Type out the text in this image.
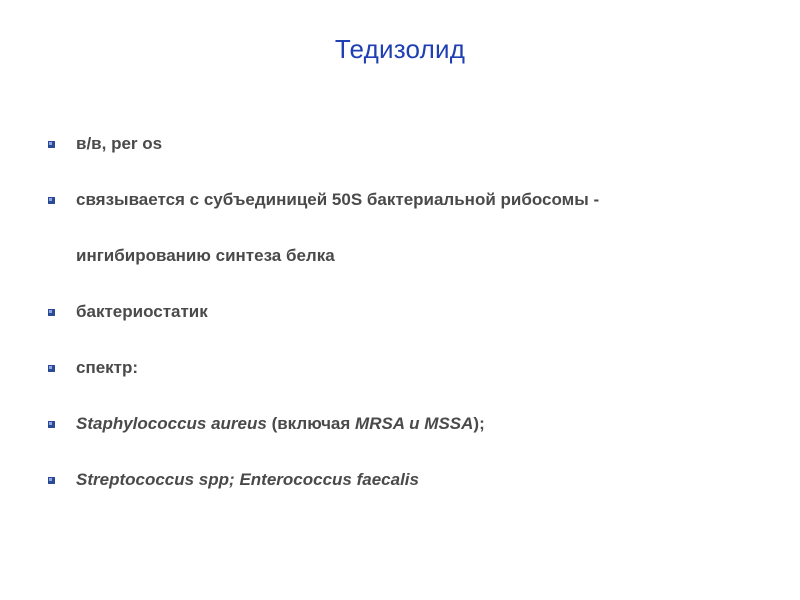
Тедизолид
в/в, per os
связывается с субъединицей 50S бактериальной рибосомы -
ингибированию синтеза белка
бактериостатик
спектр:
Staphylococcus aureus (включая MRSA и MSSA);
Streptococcus spp; Enterococcus faecalis
